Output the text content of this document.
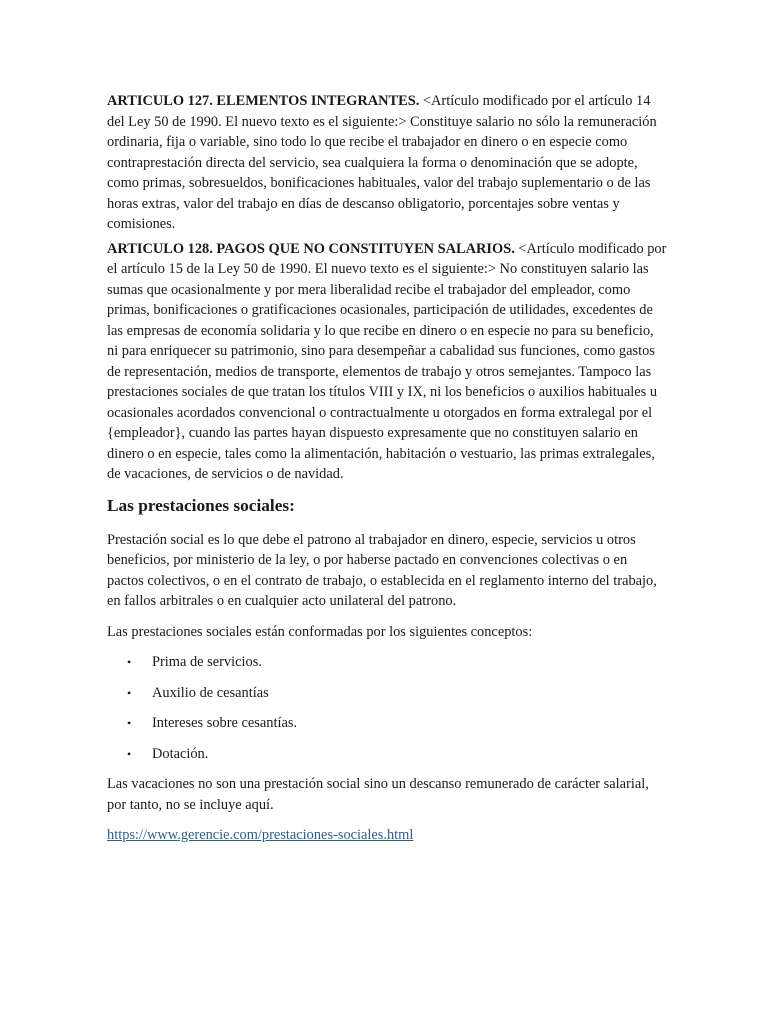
ARTICULO 127. ELEMENTOS INTEGRANTES. <Artículo modificado por el artículo 14 del Ley 50 de 1990. El nuevo texto es el siguiente:> Constituye salario no sólo la remuneración ordinaria, fija o variable, sino todo lo que recibe el trabajador en dinero o en especie como contraprestación directa del servicio, sea cualquiera la forma o denominación que se adopte, como primas, sobresueldos, bonificaciones habituales, valor del trabajo suplementario o de las horas extras, valor del trabajo en días de descanso obligatorio, porcentajes sobre ventas y comisiones.

ARTICULO 128. PAGOS QUE NO CONSTITUYEN SALARIOS. <Artículo modificado por el artículo 15 de la Ley 50 de 1990. El nuevo texto es el siguiente:> No constituyen salario las sumas que ocasionalmente y por mera liberalidad recibe el trabajador del empleador, como primas, bonificaciones o gratificaciones ocasionales, participación de utilidades, excedentes de las empresas de economía solidaria y lo que recibe en dinero o en especie no para su beneficio, ni para enriquecer su patrimonio, sino para desempeñar a cabalidad sus funciones, como gastos de representación, medios de transporte, elementos de trabajo y otros semejantes. Tampoco las prestaciones sociales de que tratan los títulos VIII y IX, ni los beneficios o auxilios habituales u ocasionales acordados convencional o contractualmente u otorgados en forma extralegal por el {empleador}, cuando las partes hayan dispuesto expresamente que no constituyen salario en dinero o en especie, tales como la alimentación, habitación o vestuario, las primas extralegales, de vacaciones, de servicios o de navidad.

Las prestaciones sociales:

Prestación social es lo que debe el patrono al trabajador en dinero, especie, servicios u otros beneficios, por ministerio de la ley, o por haberse pactado en convenciones colectivas o en pactos colectivos, o en el contrato de trabajo, o establecida en el reglamento interno del trabajo, en fallos arbitrales o en cualquier acto unilateral del patrono.

Las prestaciones sociales están conformadas por los siguientes conceptos:

• Prima de servicios.
• Auxilio de cesantías
• Intereses sobre cesantías.
• Dotación.

Las vacaciones no son una prestación social sino un descanso remunerado de carácter salarial, por tanto, no se incluye aquí.

https://www.gerencie.com/prestaciones-sociales.html
